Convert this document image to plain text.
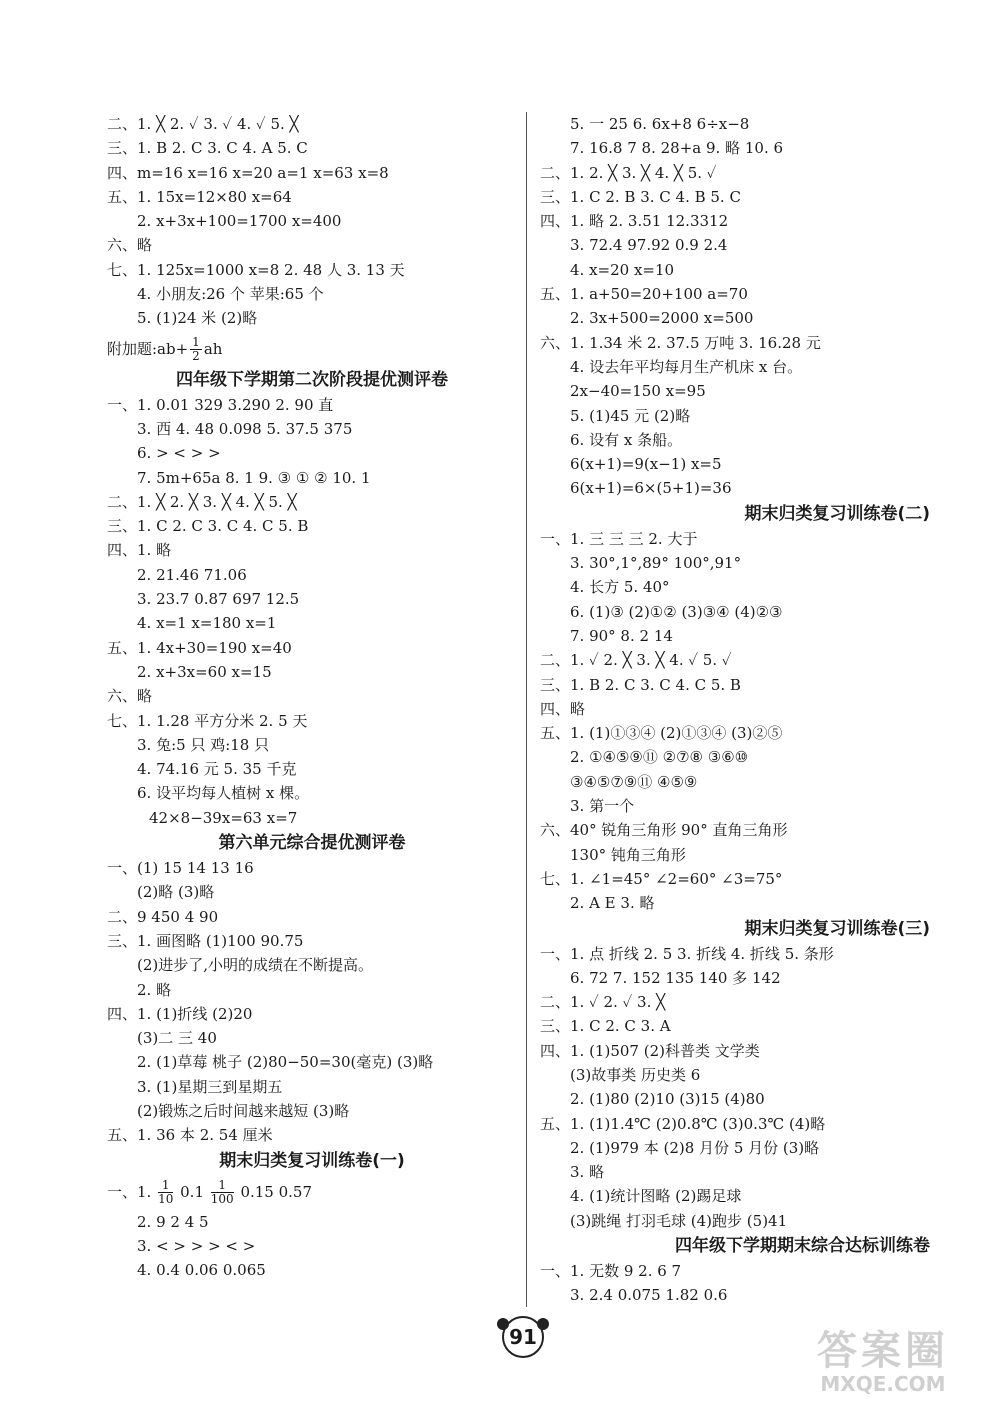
二、1. ╳ 2. ✓ 3. ✓ 4. ✓ 5. ╳
三、1. B 2. C 3. C 4. A 5. C
四、m=16 x=16 x=20 a=1 x=63 x=8
五、1. 15x=12×80 x=64
2. x+3x+100=1700 x=400
六、略
七、1. 125x=1000 x=8 2. 48 人 3. 13 天
4. 小朋友:26 个 苹果:65 个
5. (1)24 米 (2)略
附加题:ab+ $\frac{1}{2}$ ah
四年级下学期第二次阶段提优测评卷
一、1. 0.01 329 3.290 2. 90 直
3. 西 4. 48 0.098 5. 37.5 375
6. > < > >
7. 5m+65a 8. 1 9. ③ ① ② 10. 1
二、1. ╳ 2. ╳ 3. ╳ 4. ╳ 5. ╳
三、1. C 2. C 3. C 4. C 5. B
四、1. 略
2. 21.46 71.06
3. 23.7 0.87 697 12.5
4. x=1 x=180 x=1
五、1. 4x+30=190 x=40
2. x+3x=60 x=15
六、略
七、1. 1.28 平方分米 2. 5 天
3. 兔:5 只 鸡:18 只
4. 74.16 元 5. 35 千克
6. 设平均每人植树 x 棵。
42×8−39x=63 x=7
第六单元综合提优测评卷
一、(1) 15 14 13 16
(2)略 (3)略
二、9 450 4 90
三、1. 画图略 (1)100 90.75
(2)进步了,小明的成绩在不断提高。
2. 略
四、1. (1)折线 (2)20
(3)二 三 40
2. (1)草莓 桃子 (2)80−50=30(毫克) (3)略
3. (1)星期三到星期五
(2)锻炼之后时间越来越短 (3)略
五、1. 36 本 2. 54 厘米
期末归类复习训练卷(一)
一、1. $\frac{1}{10} 0.1 \frac{1}{100} 0.15$ 0.57
2. 9 2 4 5
3. < > > > < >
4. 0.4 0.06 0.065
5. 一 25 6. 6x+8 6÷x−8
7. 16.8 7 8. 28+a 9. 略 10. 6
二、1. 2. ╳ 3. ╳ 4. ╳ 5. ✓
三、1. C 2. B 3. C 4. B 5. C
四、1. 略 2. 3.51 12.3312
3. 72.4 97.92 0.9 2.4
4. x=20 x=10
五、1. a+50=20+100 a=70
2. 3x+500=2000 x=500
六、1. 1.34 米 2. 37.5 万吨 3. 16.28 元
4. 设去年平均每月生产机床 x 台。
2x−40=150 x=95
5. (1)45 元 (2)略
6. 设有 x 条船。
6(x+1)=9(x−1) x=5
6(x+1)=6×(5+1)=36
期末归类复习训练卷(二)
一、1. 三 三 三 2. 大于
3. 30°,1°,89° 100°,91°
4. 长方 5. 40°
6. (1)③ (2)①② (3)③④ (4)②③
7. 90° 8. 2 14
二、1. ✓ 2. ╳ 3. ╳ 4. ✓ 5. ✓
三、1. B 2. C 3. C 4. C 5. B
四、略
五、1. (1)①③④ (2)①③④ (3)②⑤
2. ①④⑤⑨⑪ ②⑦⑧ ③⑥⑩
③④⑤⑦⑨⑪ ④⑤⑨
3. 第一个
六、40° 锐角三角形 90° 直角三角形
130° 钝角三角形
七、1. ∠1=45° ∠2=60° ∠3=75°
2. A E 3. 略
期末归类复习训练卷(三)
一、1. 点 折线 2. 5 3. 折线 4. 折线 5. 条形
6. 72 7. 152 135 140 多 142
二、1. ✓ 2. ✓ 3. ╳
三、1. C 2. C 3. A
四、1. (1)507 (2)科普类 文学类
(3)故事类 历史类 6
2. (1)80 (2)10 (3)15 (4)80
五、1. (1)1.4℃ (2)0.8℃ (3)0.3℃ (4)略
2. (1)979 本 (2)8 月份 5 月份 (3)略
3. 略
4. (1)统计图略 (2)踢足球
(3)跳绳 打羽毛球 (4)跑步 (5)41
四年级下学期期末综合达标训练卷
一、1. 无数 9 2. 6 7
3. 2.4 0.075 1.82 0.6
91	答案圈
MXQE.COM
